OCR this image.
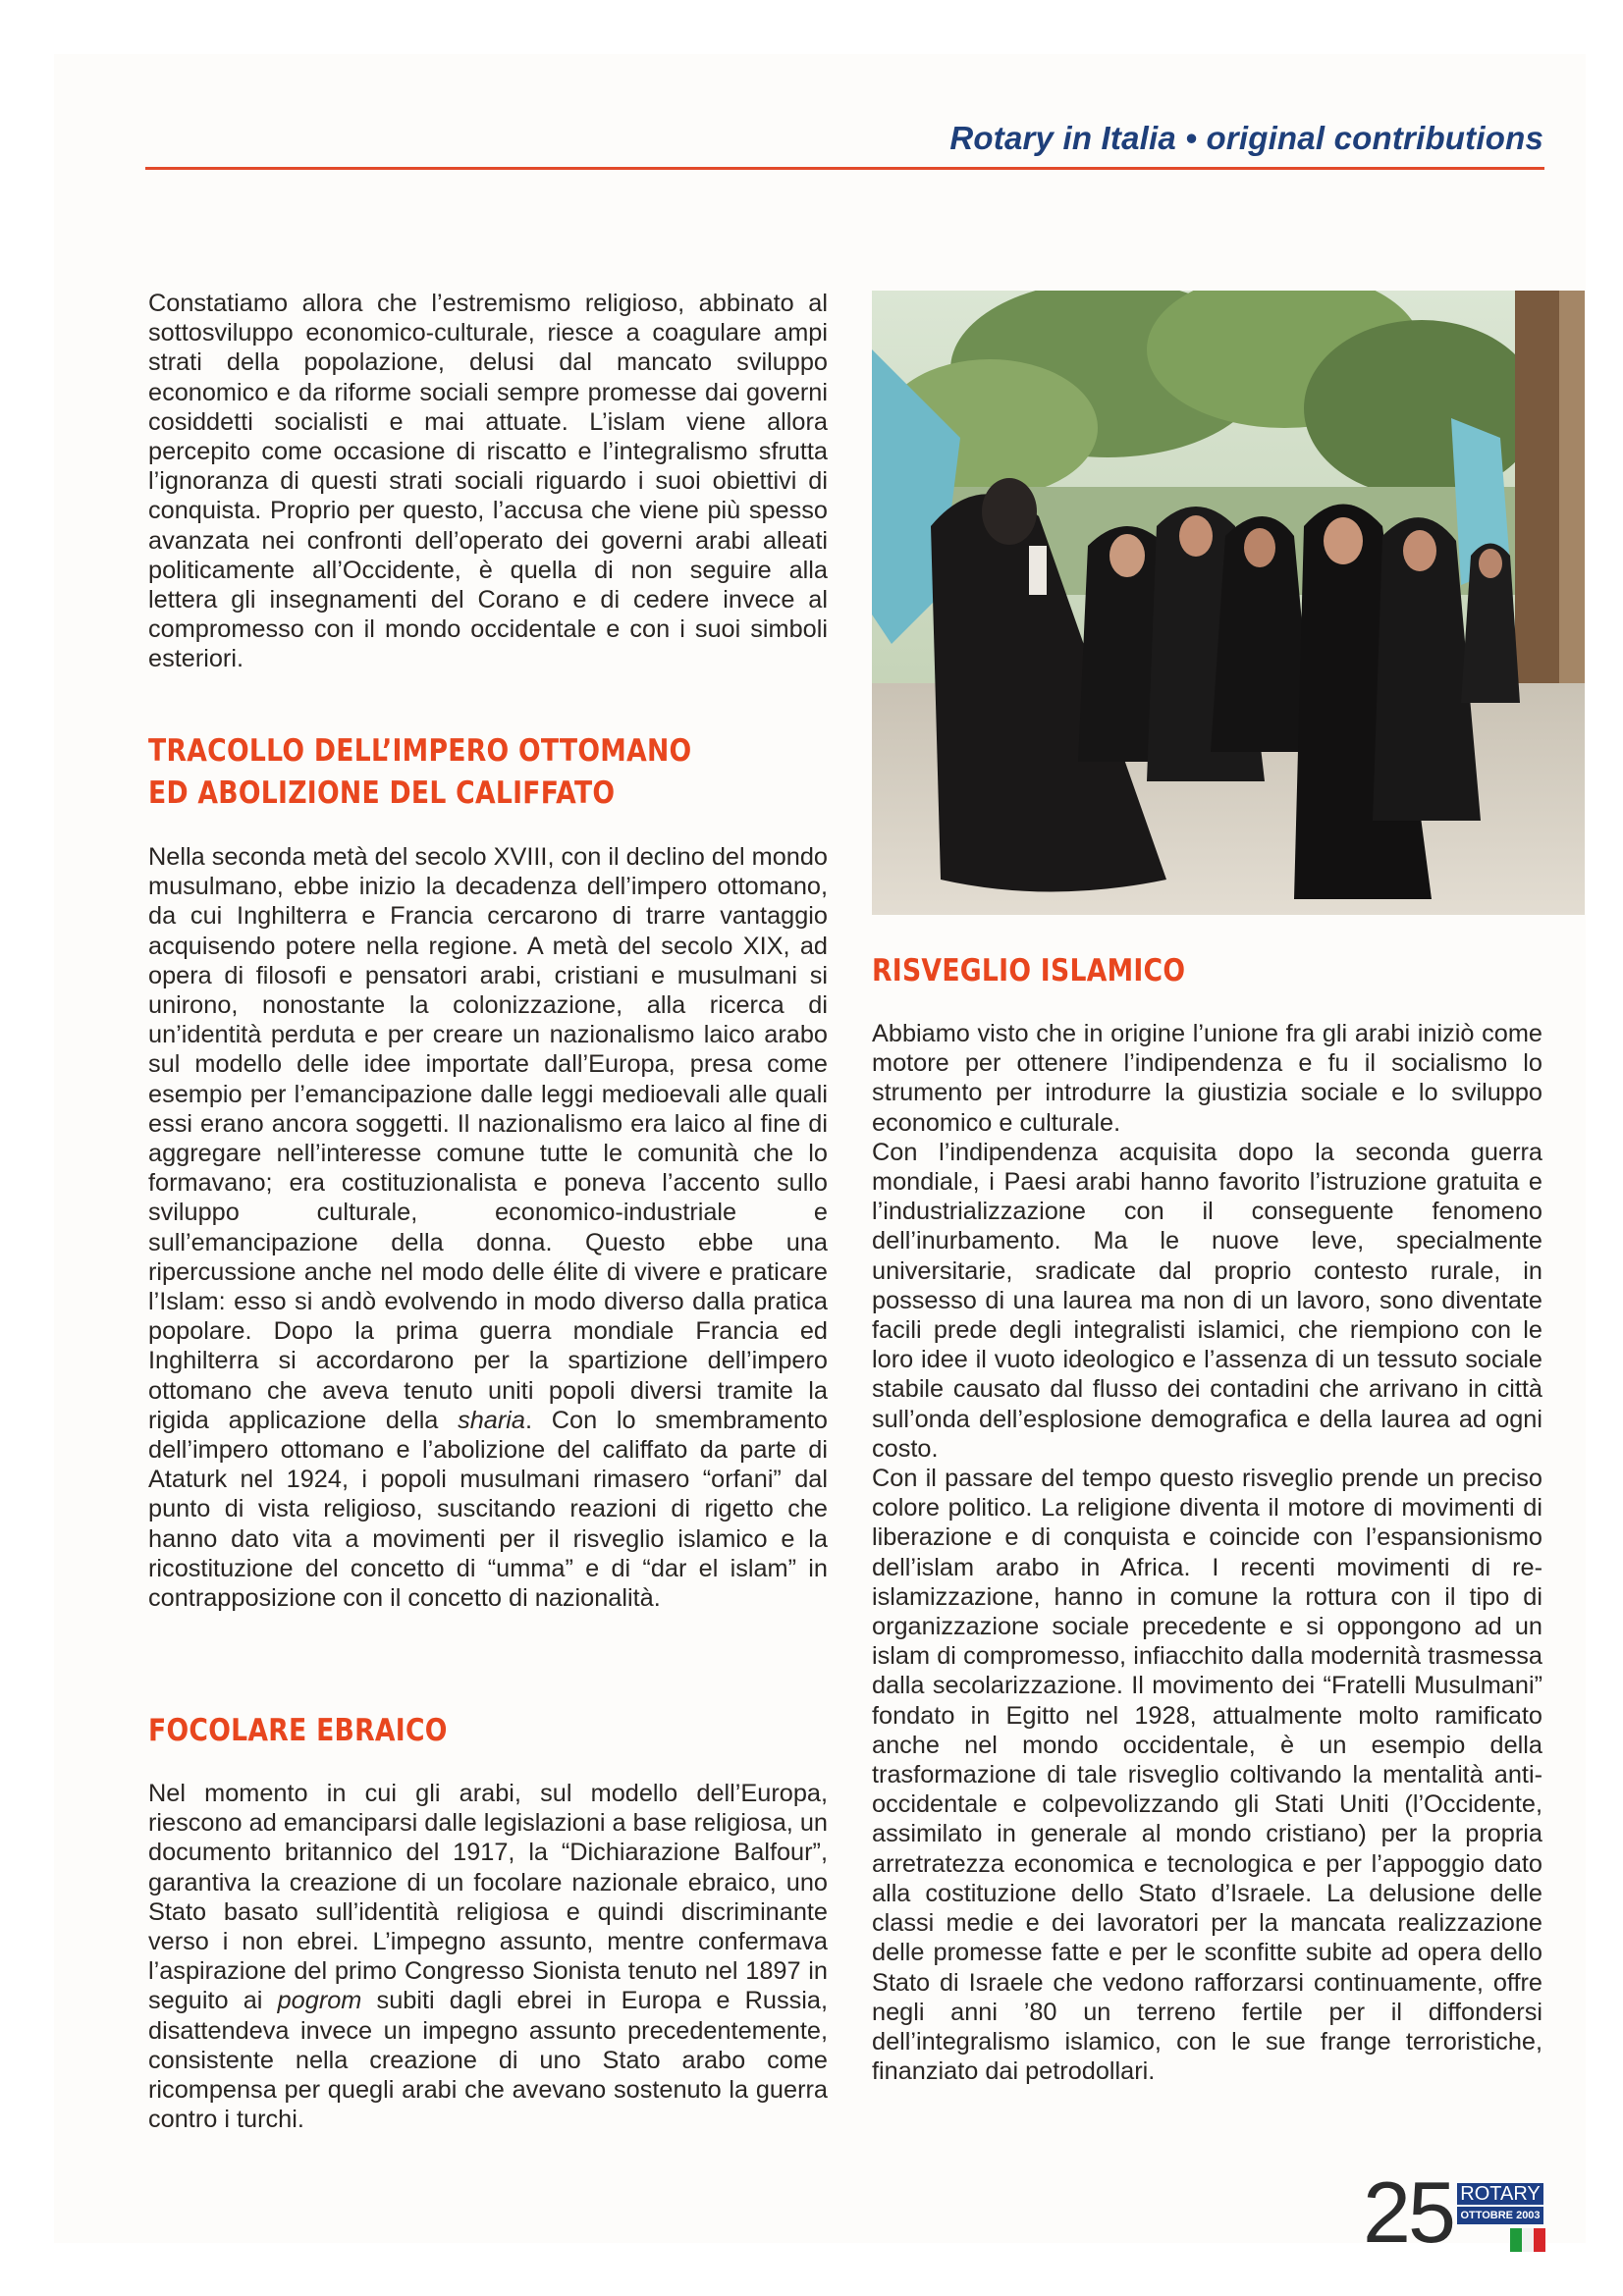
Rotary in Italia • original contributions

Constatiamo allora che l’estremismo religioso, abbinato al sottosviluppo economico-culturale, riesce a coagulare ampi strati della popolazione, delusi dal mancato sviluppo economico e da riforme sociali sempre promesse dai governi cosiddetti socialisti e mai attuate. L’islam viene allora percepito come occasione di riscatto e l’integralismo sfrutta l’ignoranza di questi strati sociali riguardo i suoi obiettivi di conquista. Proprio per questo, l’accusa che viene più spesso avanzata nei confronti dell’operato dei governi arabi alleati politicamente all’Occidente, è quella di non seguire alla lettera gli insegnamenti del Corano e di cedere invece al compromesso con il mondo occidentale e con i suoi simboli esteriori.

TRACOLLO DELL’IMPERO OTTOMANO
ED ABOLIZIONE DEL CALIFFATO

Nella seconda metà del secolo XVIII, con il declino del mondo musulmano, ebbe inizio la decadenza dell’impero ottomano, da cui Inghilterra e Francia cercarono di trarre vantaggio acquisendo potere nella regione. A metà del secolo XIX, ad opera di filosofi e pensatori arabi, cristiani e musulmani si unirono, nonostante la colonizzazione, alla ricerca di un’identità perduta e per creare un nazionalismo laico arabo sul modello delle idee importate dall’Europa, presa come esempio per l’emancipazione dalle leggi medioevali alle quali essi erano ancora soggetti. Il nazionalismo era laico al fine di aggregare nell’interesse comune tutte le comunità che lo formavano; era costituzionalista e poneva l’accento sullo sviluppo culturale, economico-industriale e sull’emancipazione della donna. Questo ebbe una ripercussione anche nel modo delle élite di vivere e praticare l’Islam: esso si andò evolvendo in modo diverso dalla pratica popolare. Dopo la prima guerra mondiale Francia ed Inghilterra si accordarono per la spartizione dell’impero ottomano che aveva tenuto uniti popoli diversi tramite la rigida applicazione della sharia. Con lo smembramento dell’impero ottomano e l’abolizione del califfato da parte di Ataturk nel 1924, i popoli musulmani rimasero “orfani” dal punto di vista religioso, suscitando reazioni di rigetto che hanno dato vita a movimenti per il risveglio islamico e la ricostituzione del concetto di “umma” e di “dar el islam” in contrapposizione con il concetto di nazionalità.

FOCOLARE EBRAICO

Nel momento in cui gli arabi, sul modello dell’Europa, riescono ad emanciparsi dalle legislazioni a base religiosa, un documento britannico del 1917, la “Dichiarazione Balfour”, garantiva la creazione di un focolare nazionale ebraico, uno Stato basato sull’identità religiosa e quindi discriminante verso i non ebrei. L’impegno assunto, mentre confermava l’aspirazione del primo Congresso Sionista tenuto nel 1897 in seguito ai pogrom subiti dagli ebrei in Europa e Russia, disattendeva invece un impegno assunto precedentemente, consistente nella creazione di uno Stato arabo come ricompensa per quegli arabi che avevano sostenuto la guerra contro i turchi.

RISVEGLIO ISLAMICO

Abbiamo visto che in origine l’unione fra gli arabi iniziò come motore per ottenere l’indipendenza e fu il socialismo lo strumento per introdurre la giustizia sociale e lo sviluppo economico e culturale.

Con l’indipendenza acquisita dopo la seconda guerra mondiale, i Paesi arabi hanno favorito l’istruzione gratuita e l’industrializzazione con il conseguente fenomeno dell’inurbamento. Ma le nuove leve, specialmente universitarie, sradicate dal proprio contesto rurale, in possesso di una laurea ma non di un lavoro, sono diventate facili prede degli integralisti islamici, che riempiono con le loro idee il vuoto ideologico e l’assenza di un tessuto sociale stabile causato dal flusso dei contadini che arrivano in città sull’onda dell’esplosione demografica e della laurea ad ogni costo.

Con il passare del tempo questo risveglio prende un preciso colore politico. La religione diventa il motore di movimenti di liberazione e di conquista e coincide con l’espansionismo dell’islam arabo in Africa. I recenti movimenti di re-islamizzazione, hanno in comune la rottura con il tipo di organizzazione sociale precedente e si oppongono ad un islam di compromesso, infiacchito dalla modernità trasmessa dalla secolarizzazione. Il movimento dei “Fratelli Musulmani” fondato in Egitto nel 1928, attualmente molto ramificato anche nel mondo occidentale, è un esempio della trasformazione di tale risveglio coltivando la mentalità anti-occidentale e colpevolizzando gli Stati Uniti (l’Occidente, assimilato in generale al mondo cristiano) per la propria arretratezza economica e tecnologica e per l’appoggio dato alla costituzione dello Stato d’Israele. La delusione delle classi medie e dei lavoratori per la mancata realizzazione delle promesse fatte e per le sconfitte subite ad opera dello Stato di Israele che vedono rafforzarsi continuamente, offre negli anni ’80 un terreno fertile per il diffondersi dell’integralismo islamico, con le sue frange terroristiche, finanziato dai petrodollari.

25 ROTARY
OTTOBRE 2003
